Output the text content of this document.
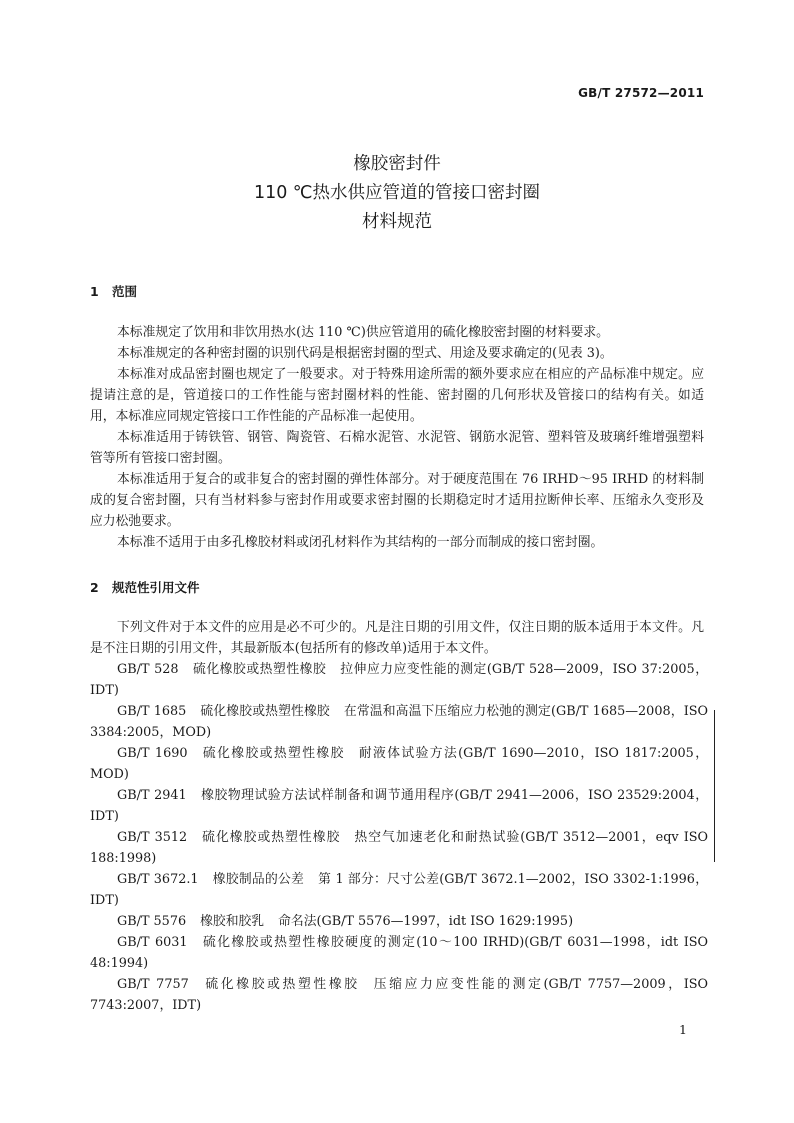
GB/T 27572—2011
橡胶密封件
110 ℃热水供应管道的管接口密封圈
材料规范
1 范围

本标准规定了饮用和非饮用热水(达 110 ℃)供应管道用的硫化橡胶密封圈的材料要求。

本标准规定的各种密封圈的识别代码是根据密封圈的型式、用途及要求确定的(见表 3)。

本标准对成品密封圈也规定了一般要求。对于特殊用途所需的额外要求应在相应的产品标准中规定。应提请注意的是，管道接口的工作性能与密封圈材料的性能、密封圈的几何形状及管接口的结构有关。如适用，本标准应同规定管接口工作性能的产品标准一起使用。

本标准适用于铸铁管、钢管、陶瓷管、石棉水泥管、水泥管、钢筋水泥管、塑料管及玻璃纤维增强塑料管等所有管接口密封圈。

本标准适用于复合的或非复合的密封圈的弹性体部分。对于硬度范围在 76 IRHD～95 IRHD 的材料制成的复合密封圈，只有当材料参与密封作用或要求密封圈的长期稳定时才适用拉断伸长率、压缩永久变形及应力松弛要求。

本标准不适用于由多孔橡胶材料或闭孔材料作为其结构的一部分而制成的接口密封圈。

2 规范性引用文件

下列文件对于本文件的应用是必不可少的。凡是注日期的引用文件，仅注日期的版本适用于本文件。凡是不注日期的引用文件，其最新版本(包括所有的修改单)适用于本文件。

GB/T 528 硫化橡胶或热塑性橡胶 拉伸应力应变性能的测定(GB/T 528—2009，ISO 37:2005，IDT)

GB/T 1685 硫化橡胶或热塑性橡胶 在常温和高温下压缩应力松弛的测定(GB/T 1685—2008，ISO 3384:2005，MOD)

GB/T 1690 硫化橡胶或热塑性橡胶 耐液体试验方法(GB/T 1690—2010，ISO 1817:2005，MOD)

GB/T 2941 橡胶物理试验方法试样制备和调节通用程序(GB/T 2941—2006，ISO 23529:2004，IDT)

GB/T 3512 硫化橡胶或热塑性橡胶 热空气加速老化和耐热试验(GB/T 3512—2001，eqv ISO 188:1998)

GB/T 3672.1 橡胶制品的公差 第 1 部分：尺寸公差(GB/T 3672.1—2002，ISO 3302-1:1996，IDT)

GB/T 5576 橡胶和胶乳 命名法(GB/T 5576—1997，idt ISO 1629:1995)

GB/T 6031 硫化橡胶或热塑性橡胶硬度的测定(10～100 IRHD)(GB/T 6031—1998，idt ISO 48:1994)

GB/T 7757 硫化橡胶或热塑性橡胶 压缩应力应变性能的测定(GB/T 7757—2009，ISO 7743:2007，IDT)

1
